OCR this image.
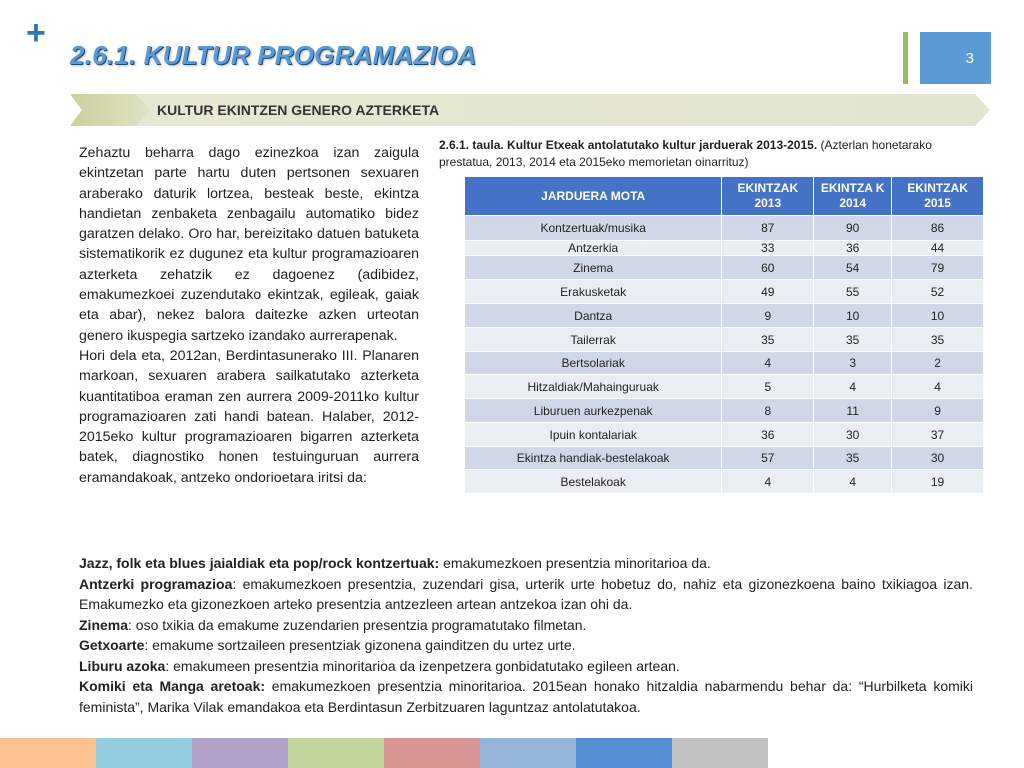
+
2.6.1. KULTUR PROGRAMAZIOA	3
KULTUR EKINTZEN GENERO AZTERKETA

Zehaztu beharra dago ezinezkoa izan zaigula ekintzetan parte hartu duten pertsonen sexuaren araberako daturik lortzea, besteak beste, ekintza handietan zenbaketa zenbagailu automatiko bidez garatzen delako. Oro har, bereizitako datuen batuketa sistematikorik ez dugunez eta kultur programazioaren azterketa zehatzik ez dagoenez (adibidez, emakumezkoei zuzendutako ekintzak, egileak, gaiak eta abar), nekez balora daitezke azken urteotan genero ikuspegia sartzeko izandako aurrerapenak.

Hori dela eta, 2012an, Berdintasunerako III. Planaren markoan, sexuaren arabera sailkatutako azterketa kuantitatiboa eraman zen aurrera 2009-2011ko kultur programazioaren zati handi batean. Halaber, 2012-2015eko kultur programazioaren bigarren azterketa batek, diagnostiko honen testuinguruan aurrera eramandakoak, antzeko ondorioetara iritsi da:

2.6.1. taula. Kultur Etxeak antolatutako kultur jarduerak 2013-2015. (Azterlan honetarako prestatua, 2013, 2014 eta 2015eko memorietan oinarrituz)
JARDUERA MOTA	EKINTZAK 2013	EKINTZA K 2014	EKINTZAK 2015
Kontzertuak/musika	87	90	86
Antzerkia	33	36	44
Zinema	60	54	79
Erakusketak	49	55	52
Dantza	9	10	10
Tailerrak	35	35	35
Bertsolariak	4	3	2
Hitzaldiak/Mahainguruak	5	4	4
Liburuen aurkezpenak	8	11	9
Ipuin kontalariak	36	30	37
Ekintza handiak-bestelakoak	57	35	30
Bestelakoak	4	4	19

Jazz, folk eta blues jaialdiak eta pop/rock kontzertuak: emakumezkoen presentzia minoritarioa da.

Antzerki programazioa: emakumezkoen presentzia, zuzendari gisa, urterik urte hobetuz do, nahiz eta gizonezkoena baino txikiagoa izan. Emakumezko eta gizonezkoen arteko presentzia antzezleen artean antzekoa izan ohi da.

Zinema: oso txikia da emakume zuzendarien presentzia programatutako filmetan.

Getxoarte: emakume sortzaileen presentziak gizonena gainditzen du urtez urte.

Liburu azoka: emakumeen presentzia minoritarioa da izenpetzera gonbidatutako egileen artean.

Komiki eta Manga aretoak: emakumezkoen presentzia minoritarioa. 2015ean honako hitzaldia nabarmendu behar da: “Hurbilketa komiki feminista”, Marika Vilak emandakoa eta Berdintasun Zerbitzuaren laguntzaz antolatutakoa.
